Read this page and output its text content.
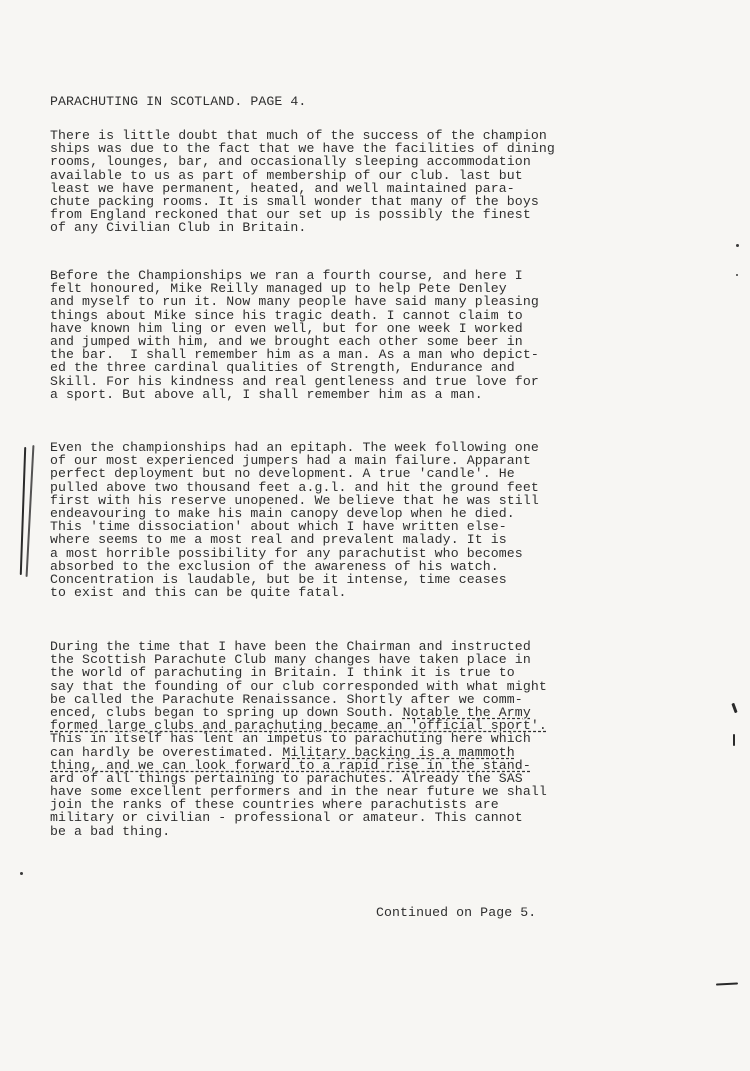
PARACHUTING IN SCOTLAND. PAGE 4.
There is little doubt that much of the success of the champion
ships was due to the fact that we have the facilities of dining
rooms, lounges, bar, and occasionally sleeping accommodation
available to us as part of membership of our club. last but
least we have permanent, heated, and well maintained para-
chute packing rooms. It is small wonder that many of the boys
from England reckoned that our set up is possibly the finest
of any Civilian Club in Britain.
Before the Championships we ran a fourth course, and here I
felt honoured, Mike Reilly managed up to help Pete Denley
and myself to run it. Now many people have said many pleasing
things about Mike since his tragic death. I cannot claim to
have known him ling or even well, but for one week I worked
and jumped with him, and we brought each other some beer in
the bar.  I shall remember him as a man. As a man who depict-
ed the three cardinal qualities of Strength, Endurance and
Skill. For his kindness and real gentleness and true love for
a sport. But above all, I shall remember him as a man.
Even the championships had an epitaph. The week following one
of our most experienced jumpers had a main failure. Apparant
perfect deployment but no development. A true 'candle'. He
pulled above two thousand feet a.g.l. and hit the ground feet
first with his reserve unopened. We believe that he was still
endeavouring to make his main canopy develop when he died.
This 'time dissociation' about which I have written else-
where seems to me a most real and prevalent malady. It is
a most horrible possibility for any parachutist who becomes
absorbed to the exclusion of the awareness of his watch.
Concentration is laudable, but be it intense, time ceases
to exist and this can be quite fatal.
During the time that I have been the Chairman and instructed
the Scottish Parachute Club many changes have taken place in
the world of parachuting in Britain. I think it is true to
say that the founding of our club corresponded with what might
be called the Parachute Renaissance. Shortly after we comm-
enced, clubs began to spring up down South. Notable the Army
formed large clubs and parachuting became an 'official sport'.
This in itself has lent an impetus to parachuting here which
can hardly be overestimated. Military backing is a mammoth
thing, and we can look forward to a rapid rise in the stand-
ard of all things pertaining to parachutes. Already the SAS
have some excellent performers and in the near future we shall
join the ranks of these countries where parachutists are
military or civilian - professional or amateur. This cannot
be a bad thing.
Continued on Page 5.
